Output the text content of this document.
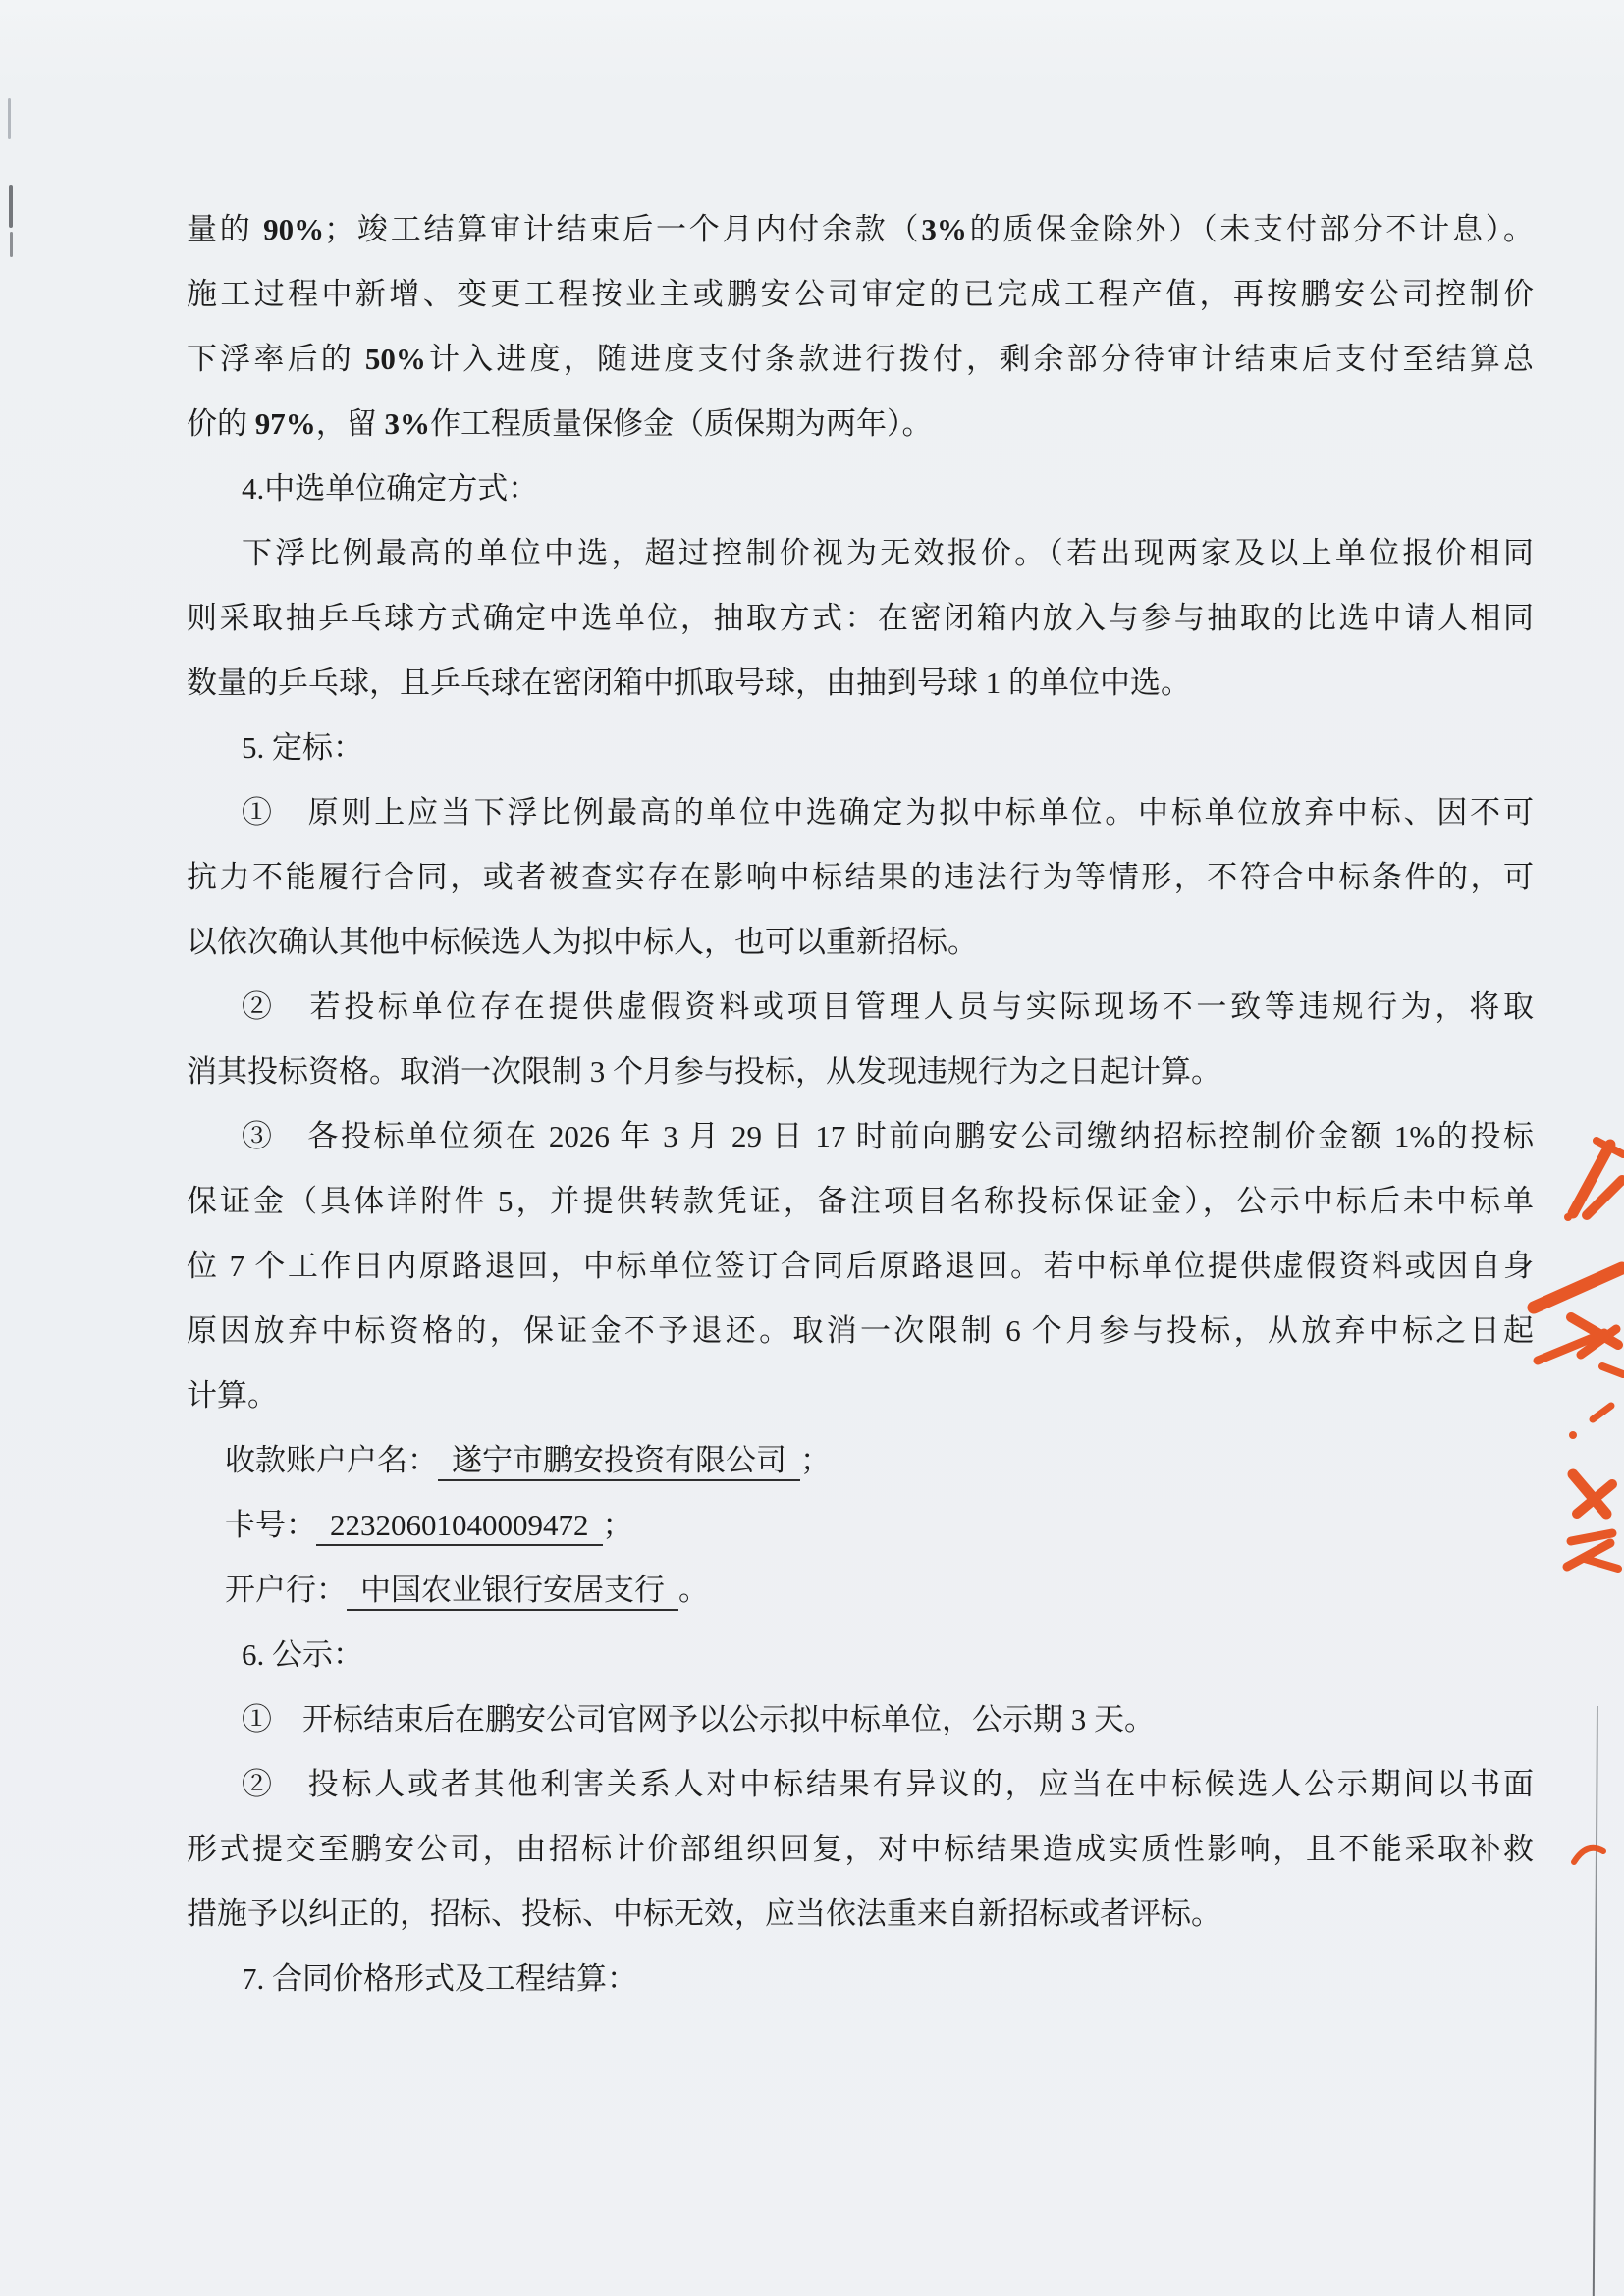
量的 90%；竣工结算审计结束后一个月内付余款（3%的质保金除外）（未支付部分不计息）。
施工过程中新增、变更工程按业主或鹏安公司审定的已完成工程产值，再按鹏安公司控制价
下浮率后的 50%计入进度，随进度支付条款进行拨付，剩余部分待审计结束后支付至结算总
价的 97%，留 3%作工程质量保修金（质保期为两年）。
4.中选单位确定方式：
下浮比例最高的单位中选，超过控制价视为无效报价。（若出现两家及以上单位报价相同
则采取抽乒乓球方式确定中选单位，抽取方式：在密闭箱内放入与参与抽取的比选申请人相同
数量的乒乓球，且乒乓球在密闭箱中抓取号球，由抽到号球 1 的单位中选。
5. 定标：
①　原则上应当下浮比例最高的单位中选确定为拟中标单位。中标单位放弃中标、因不可
抗力不能履行合同，或者被查实存在影响中标结果的违法行为等情形，不符合中标条件的，可
以依次确认其他中标候选人为拟中标人，也可以重新招标。
②　若投标单位存在提供虚假资料或项目管理人员与实际现场不一致等违规行为，将取
消其投标资格。取消一次限制 3 个月参与投标，从发现违规行为之日起计算。
③　各投标单位须在 2026 年 3 月 29 日 17 时前向鹏安公司缴纳招标控制价金额 1%的投标
保证金（具体详附件 5，并提供转款凭证，备注项目名称投标保证金），公示中标后未中标单
位 7 个工作日内原路退回，中标单位签订合同后原路退回。若中标单位提供虚假资料或因自身
原因放弃中标资格的，保证金不予退还。取消一次限制 6 个月参与投标，从放弃中标之日起
计算。
收款账户户名： 遂宁市鹏安投资有限公司 ；
卡号： 22320601040009472 ；
开户行： 中国农业银行安居支行 。
6. 公示：
①　开标结束后在鹏安公司官网予以公示拟中标单位，公示期 3 天。
②　投标人或者其他利害关系人对中标结果有异议的，应当在中标候选人公示期间以书面
形式提交至鹏安公司，由招标计价部组织回复，对中标结果造成实质性影响，且不能采取补救
措施予以纠正的，招标、投标、中标无效，应当依法重来自新招标或者评标。
7. 合同价格形式及工程结算：
